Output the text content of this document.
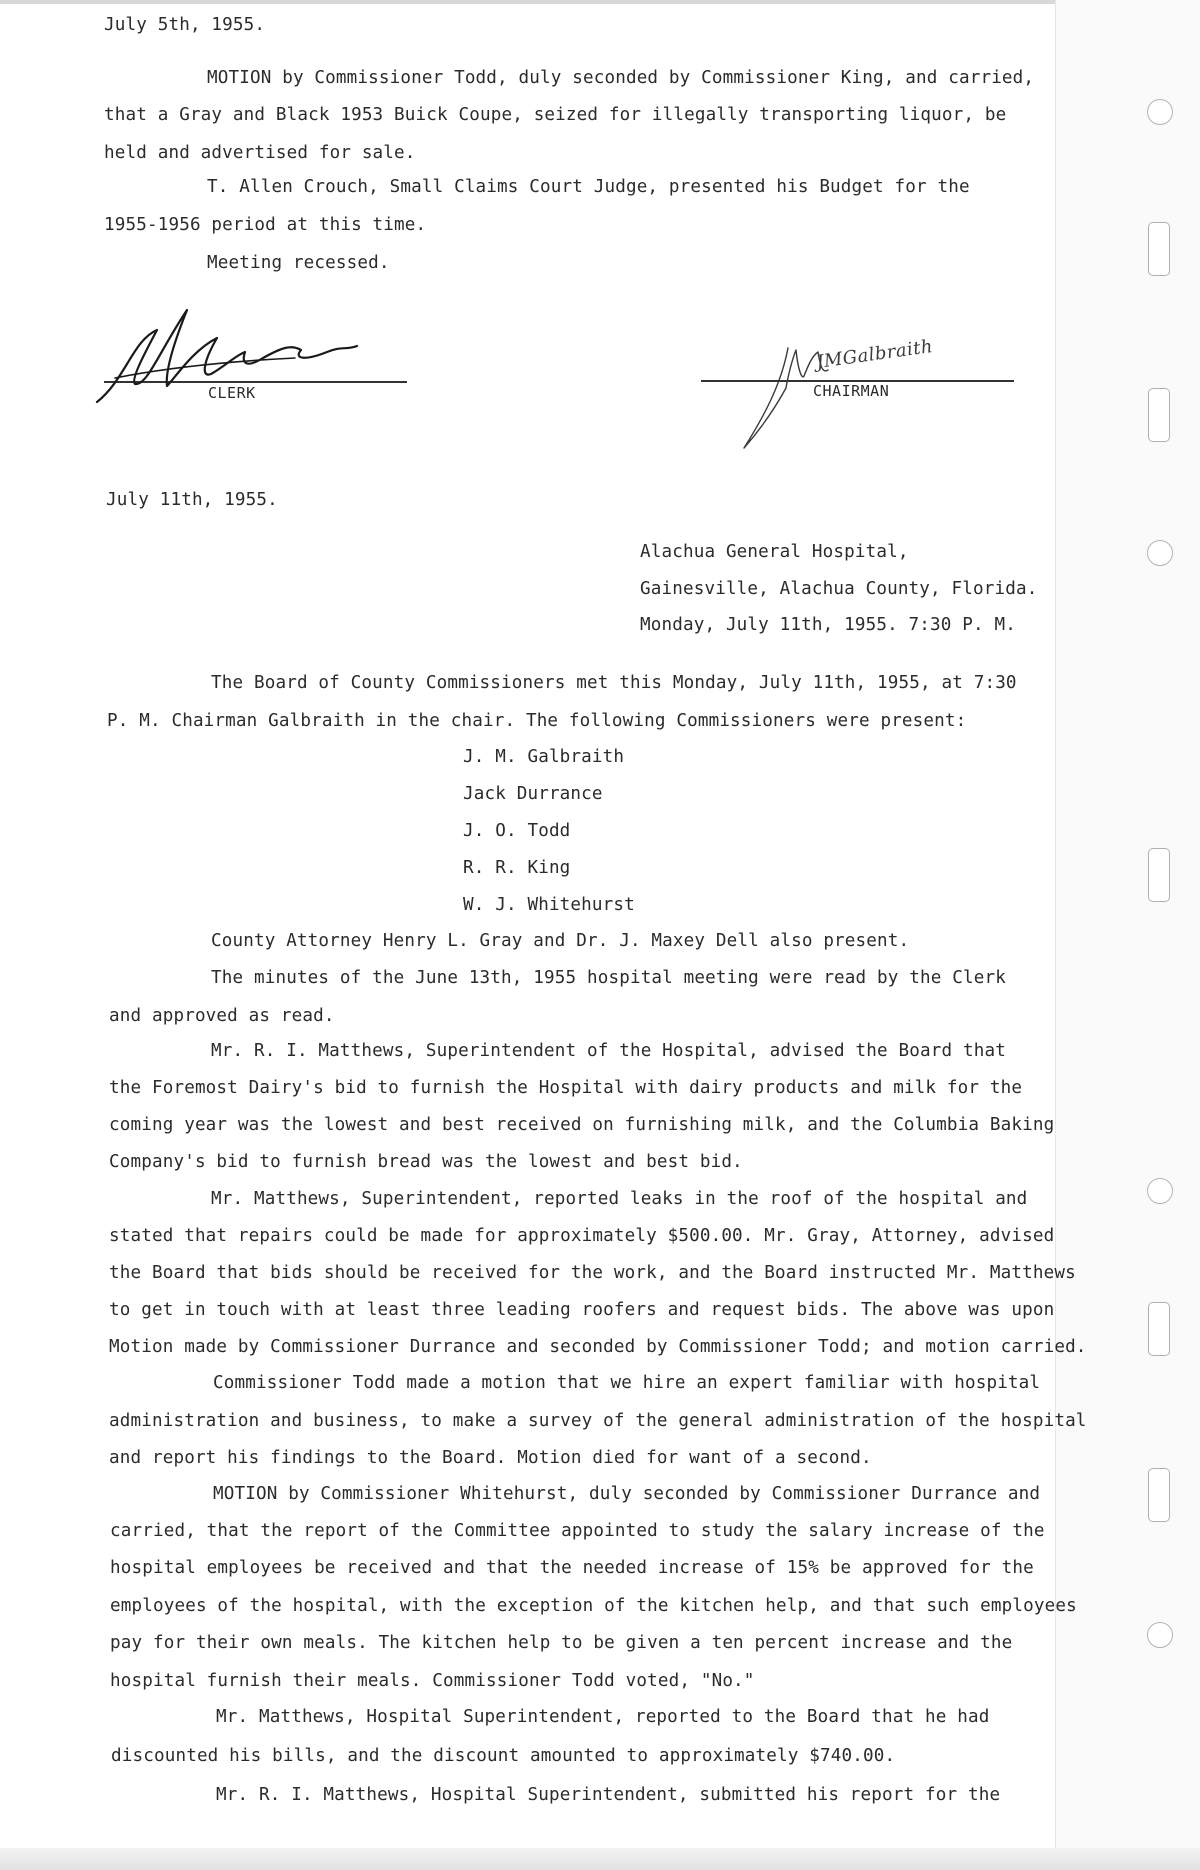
July 5th, 1955.
MOTION by Commissioner Todd, duly seconded by Commissioner King, and carried,
that a Gray and Black 1953 Buick Coupe, seized for illegally transporting liquor, be
held and advertised for sale.
T. Allen Crouch, Small Claims Court Judge, presented his Budget for the
1955-1956 period at this time.
Meeting recessed.
CLERK
JMGalbraith
CHAIRMAN
July 11th, 1955.
Alachua General Hospital,
Gainesville, Alachua County, Florida.
Monday, July 11th, 1955. 7:30 P. M.
The Board of County Commissioners met this Monday, July 11th, 1955, at 7:30
P. M. Chairman Galbraith in the chair. The following Commissioners were present:
J. M. Galbraith
Jack Durrance
J. O. Todd
R. R. King
W. J. Whitehurst
County Attorney Henry L. Gray and Dr. J. Maxey Dell also present.
The minutes of the June 13th, 1955 hospital meeting were read by the Clerk
and approved as read.
Mr. R. I. Matthews, Superintendent of the Hospital, advised the Board that
the Foremost Dairy's bid to furnish the Hospital with dairy products and milk for the
coming year was the lowest and best received on furnishing milk, and the Columbia Baking
Company's bid to furnish bread was the lowest and best bid.
Mr. Matthews, Superintendent, reported leaks in the roof of the hospital and
stated that repairs could be made for approximately $500.00. Mr. Gray, Attorney, advised
the Board that bids should be received for the work, and the Board instructed Mr. Matthews
to get in touch with at least three leading roofers and request bids. The above was upon
Motion made by Commissioner Durrance and seconded by Commissioner Todd; and motion carried.
Commissioner Todd made a motion that we hire an expert familiar with hospital
administration and business, to make a survey of the general administration of the hospital
and report his findings to the Board. Motion died for want of a second.
MOTION by Commissioner Whitehurst, duly seconded by Commissioner Durrance and
carried, that the report of the Committee appointed to study the salary increase of the
hospital employees be received and that the needed increase of 15% be approved for the
employees of the hospital, with the exception of the kitchen help, and that such employees
pay for their own meals. The kitchen help to be given a ten percent increase and the
hospital furnish their meals. Commissioner Todd voted, "No."
Mr. Matthews, Hospital Superintendent, reported to the Board that he had
discounted his bills, and the discount amounted to approximately $740.00.
Mr. R. I. Matthews, Hospital Superintendent, submitted his report for the
